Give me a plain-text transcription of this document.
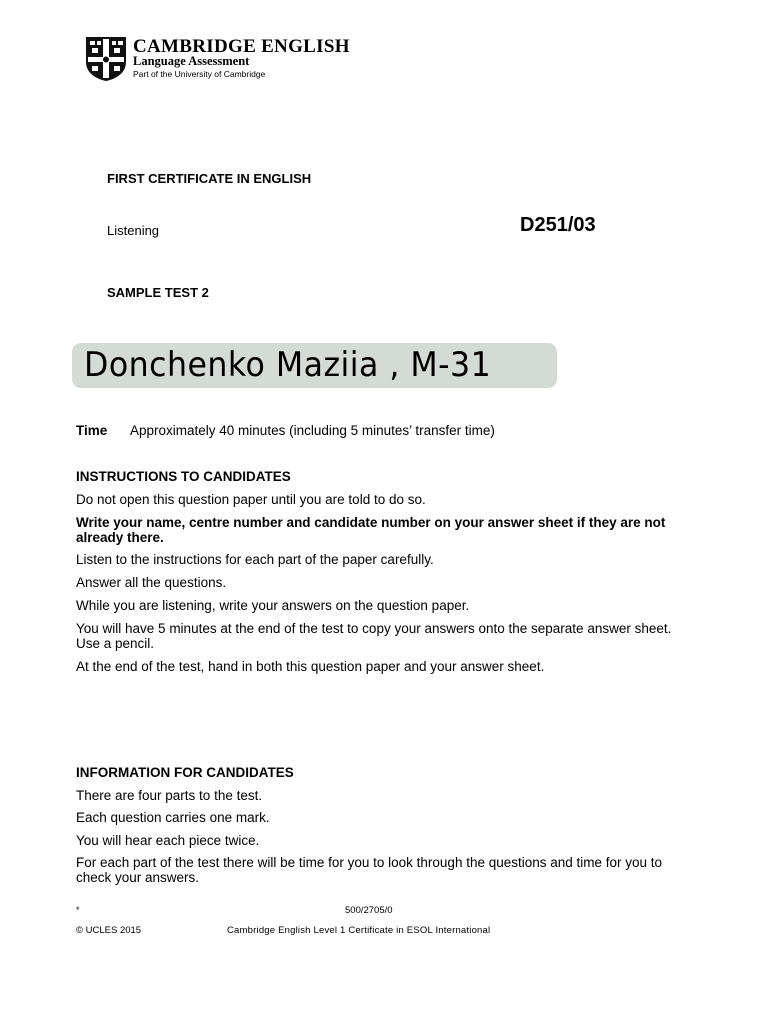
CAMBRIDGE ENGLISH
Language Assessment
Part of the University of Cambridge
FIRST CERTIFICATE IN ENGLISH
Listening	D251/03
SAMPLE TEST 2
Donchenko Maziia , M-31
Time Approximately 40 minutes (including 5 minutes’ transfer time)
INSTRUCTIONS TO CANDIDATES
Do not open this question paper until you are told to do so.
Write your name, centre number and candidate number on your answer sheet if they are not already there.
Listen to the instructions for each part of the paper carefully.
Answer all the questions.
While you are listening, write your answers on the question paper.
You will have 5 minutes at the end of the test to copy your answers onto the separate answer sheet. Use a pencil.
At the end of the test, hand in both this question paper and your answer sheet.
INFORMATION FOR CANDIDATES
There are four parts to the test.
Each question carries one mark.
You will hear each piece twice.
For each part of the test there will be time for you to look through the questions and time for you to check your answers.
*	500/2705/0
© UCLES 2015	Cambridge English Level 1 Certificate in ESOL International
